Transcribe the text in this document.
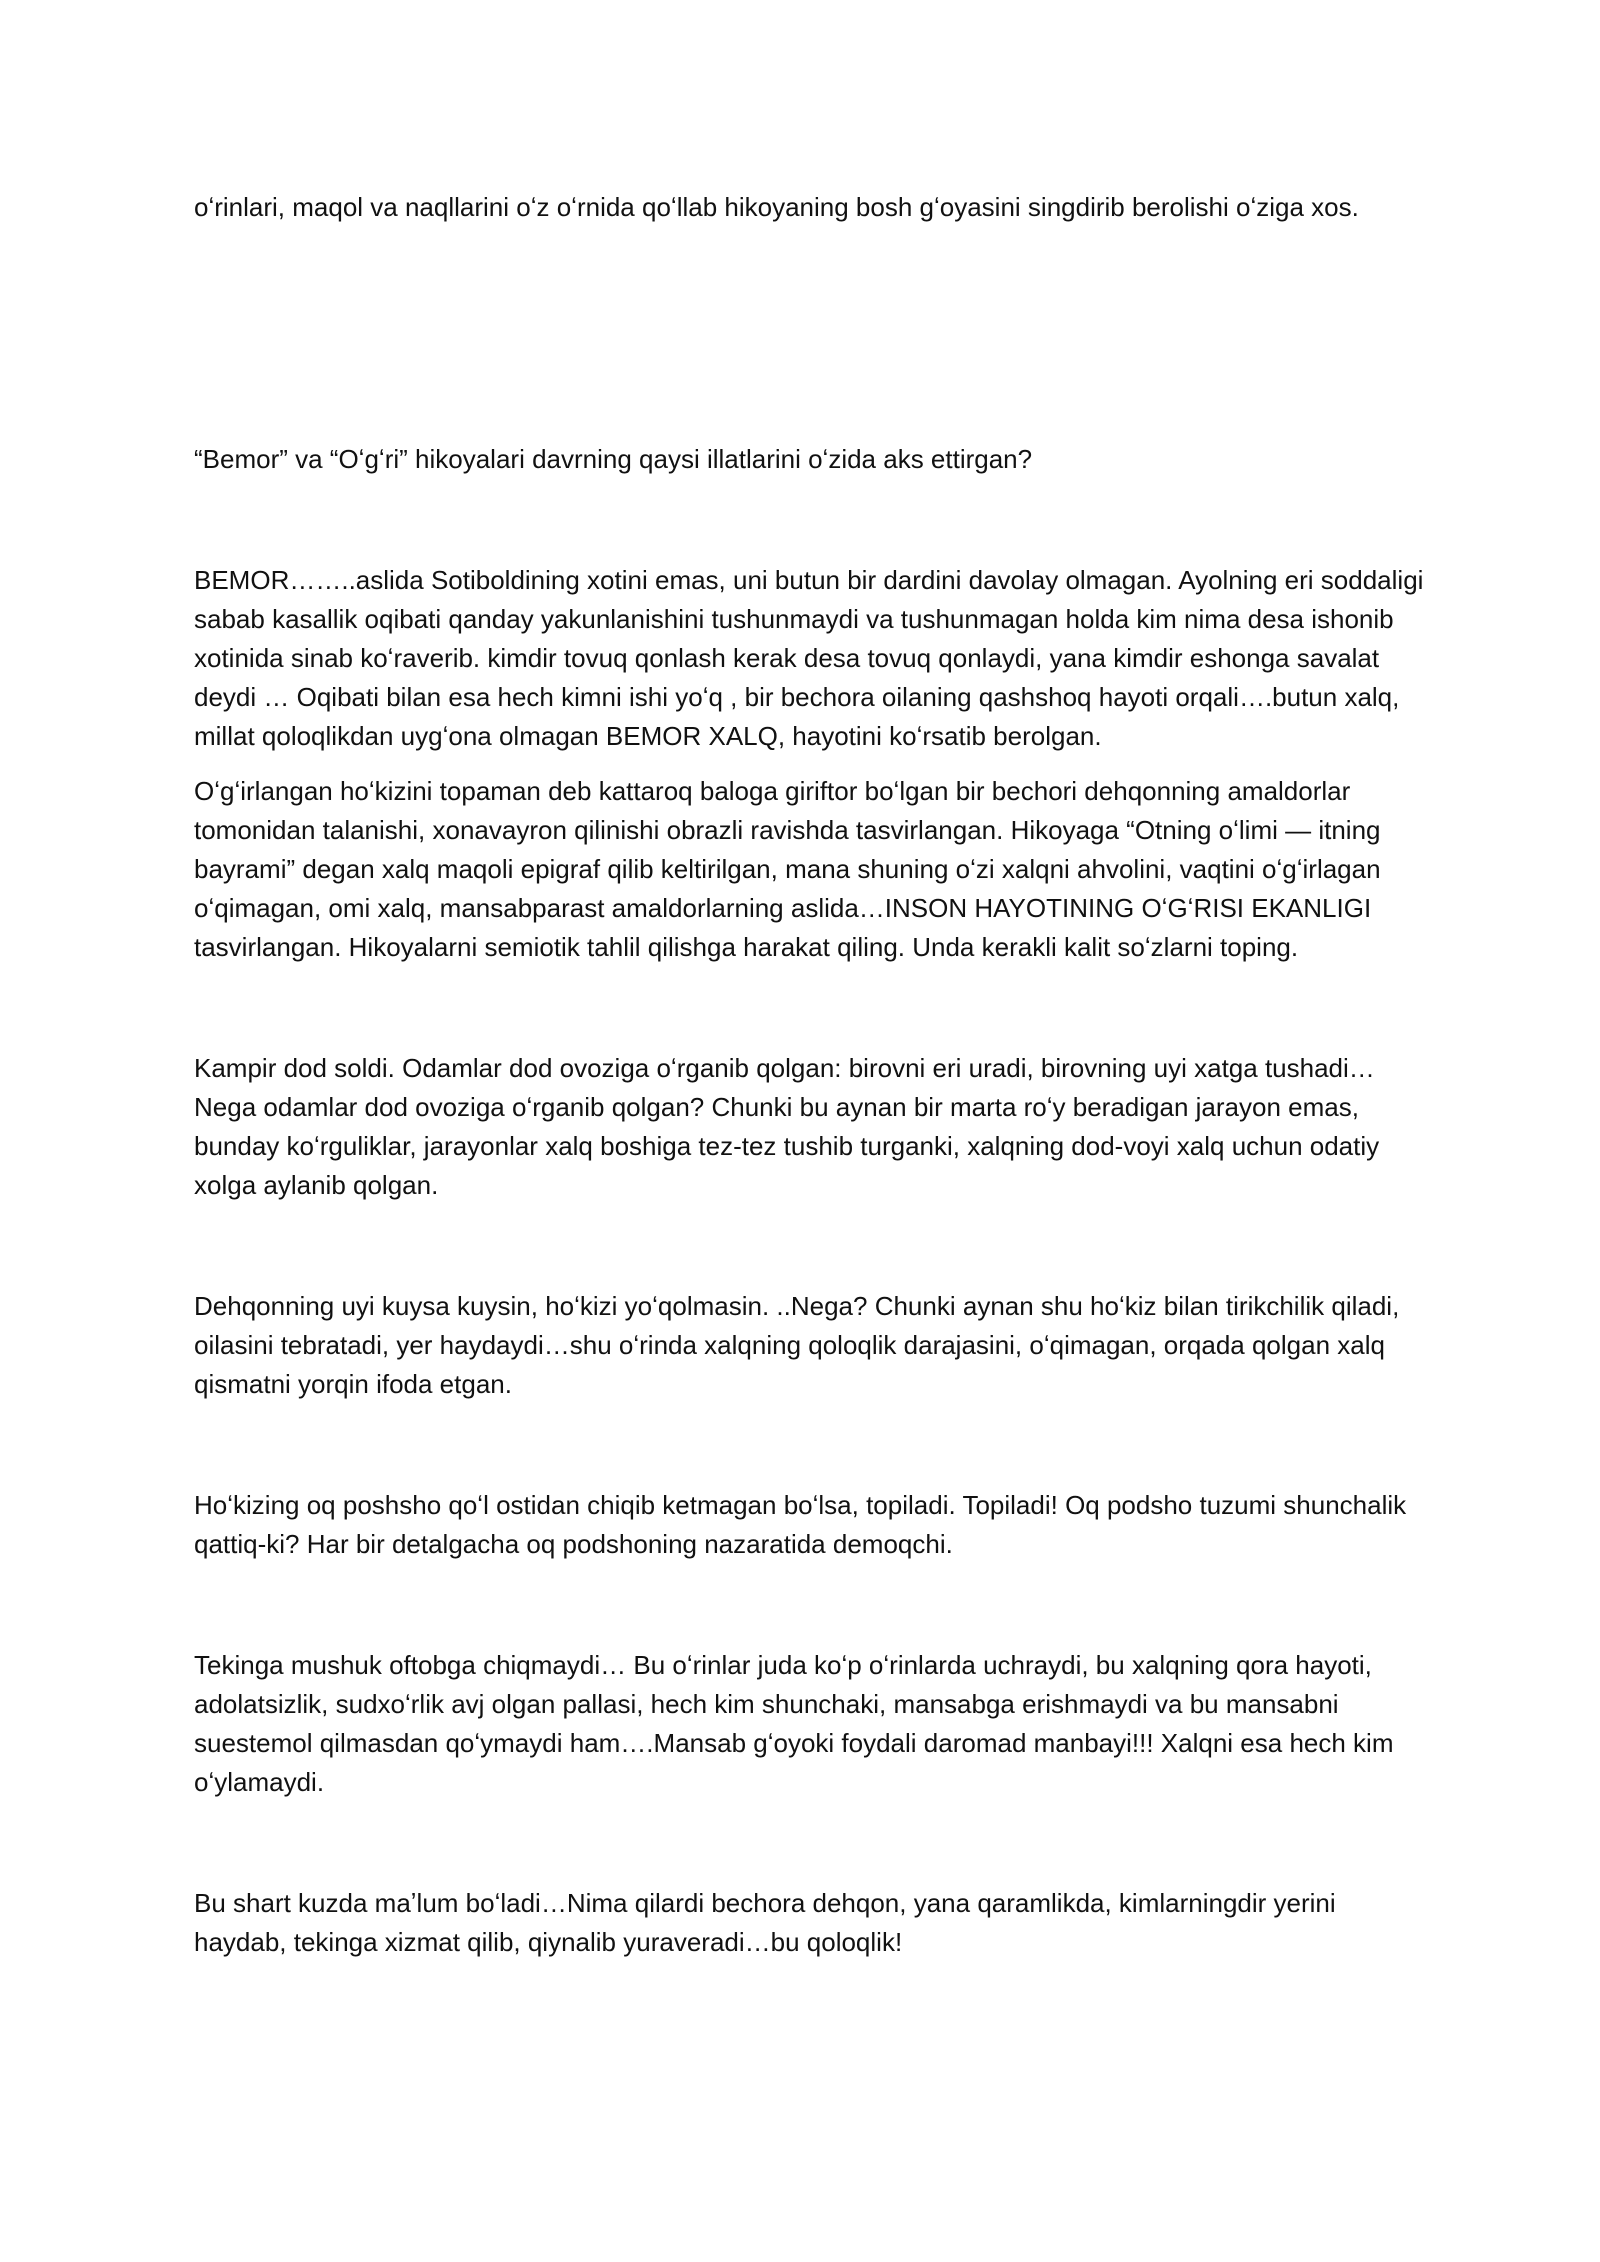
oʻrinlari, maqol va naqllarini oʻz oʻrnida qoʻllab hikoyaning bosh gʻoyasini singdirib berolishi oʻziga xos.

“Bemor” va “Oʻgʻri” hikoyalari davrning qaysi illatlarini oʻzida aks ettirgan?

BEMOR……..aslida Sotiboldining xotini emas, uni butun bir dardini davolay olmagan. Ayolning eri soddaligi sabab kasallik oqibati qanday yakunlanishini tushunmaydi va tushunmagan holda kim nima desa ishonib xotinida sinab koʻraverib. kimdir tovuq qonlash kerak desa tovuq qonlaydi, yana kimdir eshonga savalat deydi … Oqibati bilan esa hech kimni ishi yoʻq , bir bechora oilaning qashshoq hayoti orqali….butun xalq, millat qoloqlikdan uygʻona olmagan BEMOR XALQ, hayotini koʻrsatib berolgan.

Oʻgʻirlangan hoʻkizini topaman deb kattaroq baloga giriftor boʻlgan bir bechori dehqonning amaldorlar tomonidan talanishi, xonavayron qilinishi obrazli ravishda tasvirlangan. Hikoyaga “Otning oʻlimi — itning bayrami” degan xalq maqoli epigraf qilib keltirilgan, mana shuning oʻzi xalqni ahvolini, vaqtini oʻgʻirlagan oʻqimagan, omi xalq, mansabparast amaldorlarning aslida…INSON HAYOTINING OʻGʻRISI EKANLIGI tasvirlangan. Hikoyalarni semiotik tahlil qilishga harakat qiling. Unda kerakli kalit soʻzlarni toping.

Kampir dod soldi. Odamlar dod ovoziga oʻrganib qolgan: birovni eri uradi, birovning uyi xatga tushadi… Nega odamlar dod ovoziga oʻrganib qolgan? Chunki bu aynan bir marta roʻy beradigan jarayon emas, bunday koʻrguliklar, jarayonlar xalq boshiga tez-tez tushib turganki, xalqning dod-voyi xalq uchun odatiy xolga aylanib qolgan.

Dehqonning uyi kuysa kuysin, hoʻkizi yoʻqolmasin. ..Nega? Chunki aynan shu hoʻkiz bilan tirikchilik qiladi, oilasini tebratadi, yer haydaydi…shu oʻrinda xalqning qoloqlik darajasini, oʻqimagan, orqada qolgan xalq qismatni yorqin ifoda etgan.

Hoʻkizing oq poshsho qoʻl ostidan chiqib ketmagan boʻlsa, topiladi. Topiladi! Oq podsho tuzumi shunchalik qattiq-ki? Har bir detalgacha oq podshoning nazaratida demoqchi.

Tekinga mushuk oftobga chiqmaydi… Bu oʻrinlar juda koʻp oʻrinlarda uchraydi, bu xalqning qora hayoti, adolatsizlik, sudxoʻrlik avj olgan pallasi, hech kim shunchaki, mansabga erishmaydi va bu mansabni suestemol qilmasdan qoʻymaydi ham….Mansab gʻoyoki foydali daromad manbayi!!! Xalqni esa hech kim oʻylamaydi.

Bu shart kuzda maʼlum boʻladi…Nima qilardi bechora dehqon, yana qaramlikda, kimlarningdir yerini haydab, tekinga xizmat qilib, qiynalib yuraveradi…bu qoloqlik!
